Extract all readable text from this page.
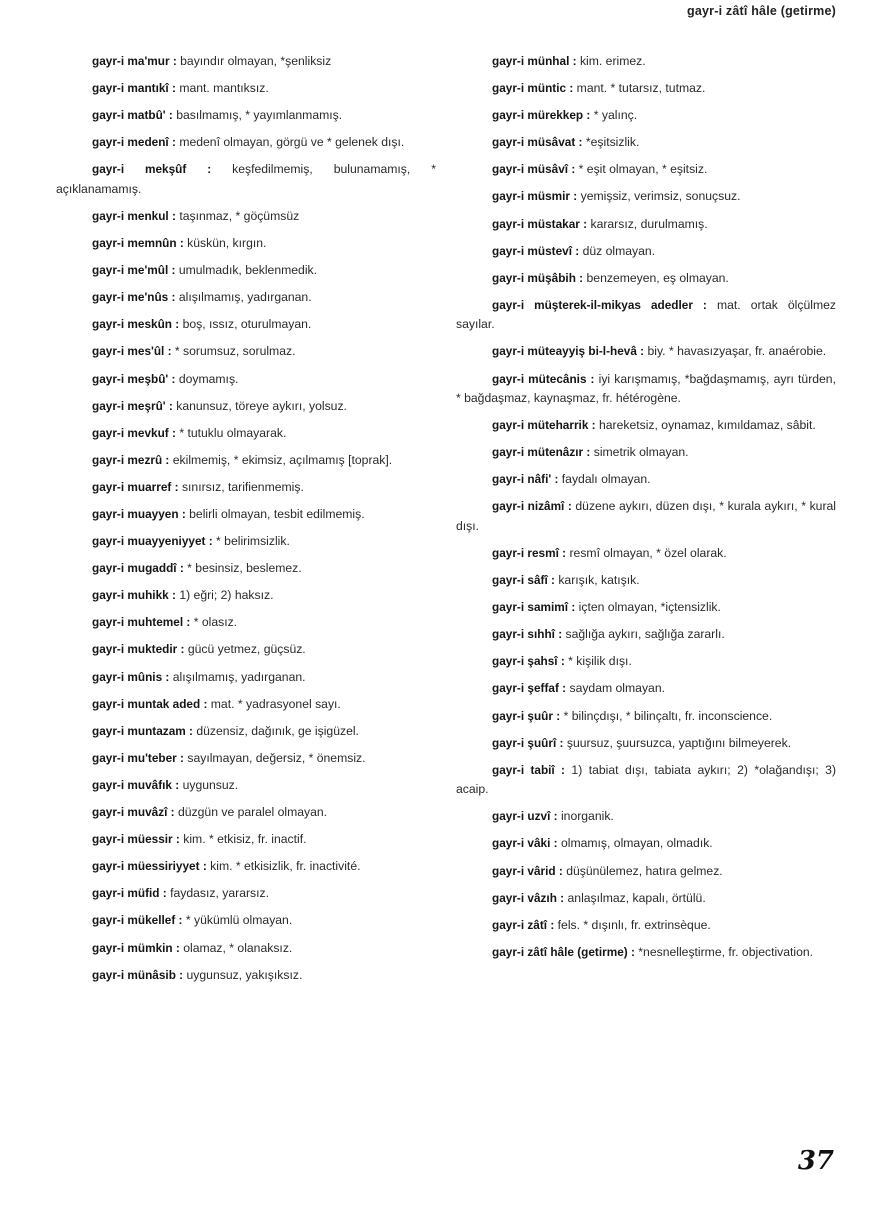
gayr-i zâtî hâle (getirme)
gayr-i ma'mur : bayındır olmayan, *şenliksiz
gayr-i mantıkî : mant. mantıksız.
gayr-i matbû' : basılmamış, * yayımlanmamış.
gayr-i medenî : medenî olmayan, görgü ve * gelenek dışı.
gayr-i mekşûf : keşfedilmemiş, bulunamamış, * açıklanamamış.
gayr-i menkul : taşınmaz, * göçümsüz
gayr-i memnûn : küskün, kırgın.
gayr-i me'mûl : umulmadık, beklenmedik.
gayr-i me'nûs : alışılmamış, yadırganan.
gayr-i meskûn : boş, ıssız, oturulmayan.
gayr-i mes'ûl : * sorumsuz, sorulmaz.
gayr-i meşbû' : doymamış.
gayr-i meşrû' : kanunsuz, töreye aykırı, yolsuz.
gayr-i mevkuf : * tutuklu olmayarak.
gayr-i mezrû : ekilmemiş, * ekimsiz, açılmamış [toprak].
gayr-i muarref : sınırsız, tarifienmemiş.
gayr-i muayyen : belirli olmayan, tesbit edilmemiş.
gayr-i muayyeniyyet : * belirimsizlik.
gayr-i mugaddî : * besinsiz, beslemez.
gayr-i muhikk : 1) eğri; 2) haksız.
gayr-i muhtemel : * olasız.
gayr-i muktedir : gücü yetmez, güçsüz.
gayr-i mûnis : alışılmamış, yadırganan.
gayr-i muntak aded : mat. * yadrasyonel sayı.
gayr-i muntazam : düzensiz, dağınık, ge işigüzel.
gayr-i mu'teber : sayılmayan, değersiz, * önemsiz.
gayr-i muvâfık : uygunsuz.
gayr-i muvâzî : düzgün ve paralel olmayan.
gayr-i müessir : kim. * etkisiz, fr. inactif.
gayr-i müessiriyyet : kim. * etkisizlik, fr. inactivité.
gayr-i müfid : faydasız, yararsız.
gayr-i mükellef : * yükümlü olmayan.
gayr-i mümkin : olamaz, * olanaksız.
gayr-i münâsib : uygunsuz, yakışıksız.
gayr-i münhal : kim. erimez.
gayr-i müntic : mant. * tutarsız, tutmaz.
gayr-i mürekkep : * yalınç.
gayr-i müsâvat : *eşitsizlik.
gayr-i müsâvî : * eşit olmayan, * eşitsiz.
gayr-i müsmir : yemişsiz, verimsiz, sonuçsuz.
gayr-i müstakar : kararsız, durulmamış.
gayr-i müstevî : düz olmayan.
gayr-i müşâbih : benzemeyen, eş olmayan.
gayr-i müşterek-il-mikyas adedler : mat. ortak ölçülmez sayılar.
gayr-i müteayyiş bi-l-hevâ : biy. * havasızyaşar, fr. anaérobie.
gayr-i mütecânis : iyi karışmamış, *bağdaşmamış, ayrı türden, * bağdaşmaz, kaynaşmaz, fr. hétérogène.
gayr-i müteharrik : hareketsiz, oynamaz, kımıldamaz, sâbit.
gayr-i mütenâzır : simetrik olmayan.
gayr-i nâfi' : faydalı olmayan.
gayr-i nizâmî : düzene aykırı, düzen dışı, * kurala aykırı, * kural dışı.
gayr-i resmî : resmî olmayan, * özel olarak.
gayr-i sâfî : karışık, katışık.
gayr-i samimî : içten olmayan, *içtensizlik.
gayr-i sıhhî : sağlığa aykırı, sağlığa zararlı.
gayr-i şahsî : * kişilik dışı.
gayr-i şeffaf : saydam olmayan.
gayr-i şuûr : * bilinçdışı, * bilinçaltı, fr. inconscience.
gayr-i şuûrî : şuursuz, şuursuzca, yaptığını bilmeyerek.
gayr-i tabiî : 1) tabiat dışı, tabiata aykırı; 2) *olağandışı; 3) acaip.
gayr-i uzvî : inorganik.
gayr-i vâki : olmamış, olmayan, olmadık.
gayr-i vârid : düşünülemez, hatıra gelmez.
gayr-i vâzıh : anlaşılmaz, kapalı, örtülü.
gayr-i zâtî : fels. * dışınlı, fr. extrinsèque.
gayr-i zâtî hâle (getirme) : *nesnelleştirme, fr. objectivation.
37
